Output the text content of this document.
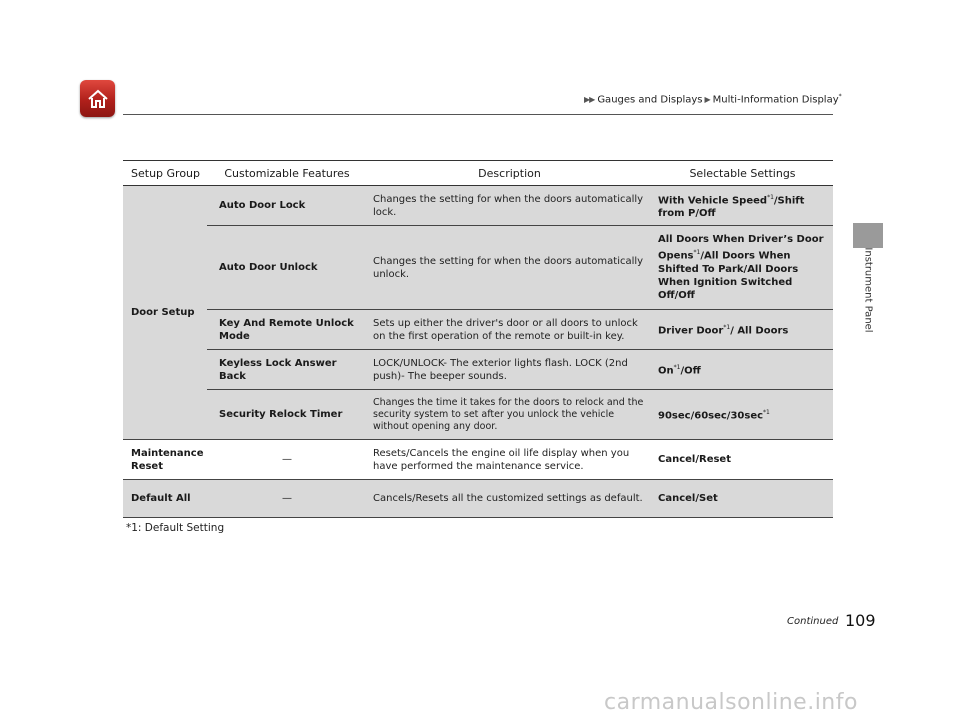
▶▶ Gauges and Displays ▶ Multi-Information Display*
Instrument Panel
Setup Group	Customizable Features	Description	Selectable Settings
Door Setup	Auto Door Lock	Changes the setting for when the doors automatically lock.	With Vehicle Speed$^{*1}$/Shift from P/Off
	Auto Door Unlock	Changes the setting for when the doors automatically unlock.	All Doors When Driver’s Door Opens$^{*1}$/All Doors When Shifted To Park/All Doors When Ignition Switched Off/Off
	Key And Remote Unlock Mode	Sets up either the driver's door or all doors to unlock on the first operation of the remote or built-in key.	Driver Door$^{*1}$/ All Doors
	Keyless Lock Answer Back	LOCK/UNLOCK- The exterior lights flash. LOCK (2nd push)- The beeper sounds.	On$^{*1}$/Off
	Security Relock Timer	Changes the time it takes for the doors to relock and the security system to set after you unlock the vehicle without opening any door.	$90\sec/60\sec/30\sec^{*1}$
Maintenance Reset	—	Resets/Cancels the engine oil life display when you have performed the maintenance service.	Cancel/Reset
Default All	—	Cancels/Resets all the customized settings as default.	Cancel/Set
*1: Default Setting
Continued 109
carmanualsonline.info
